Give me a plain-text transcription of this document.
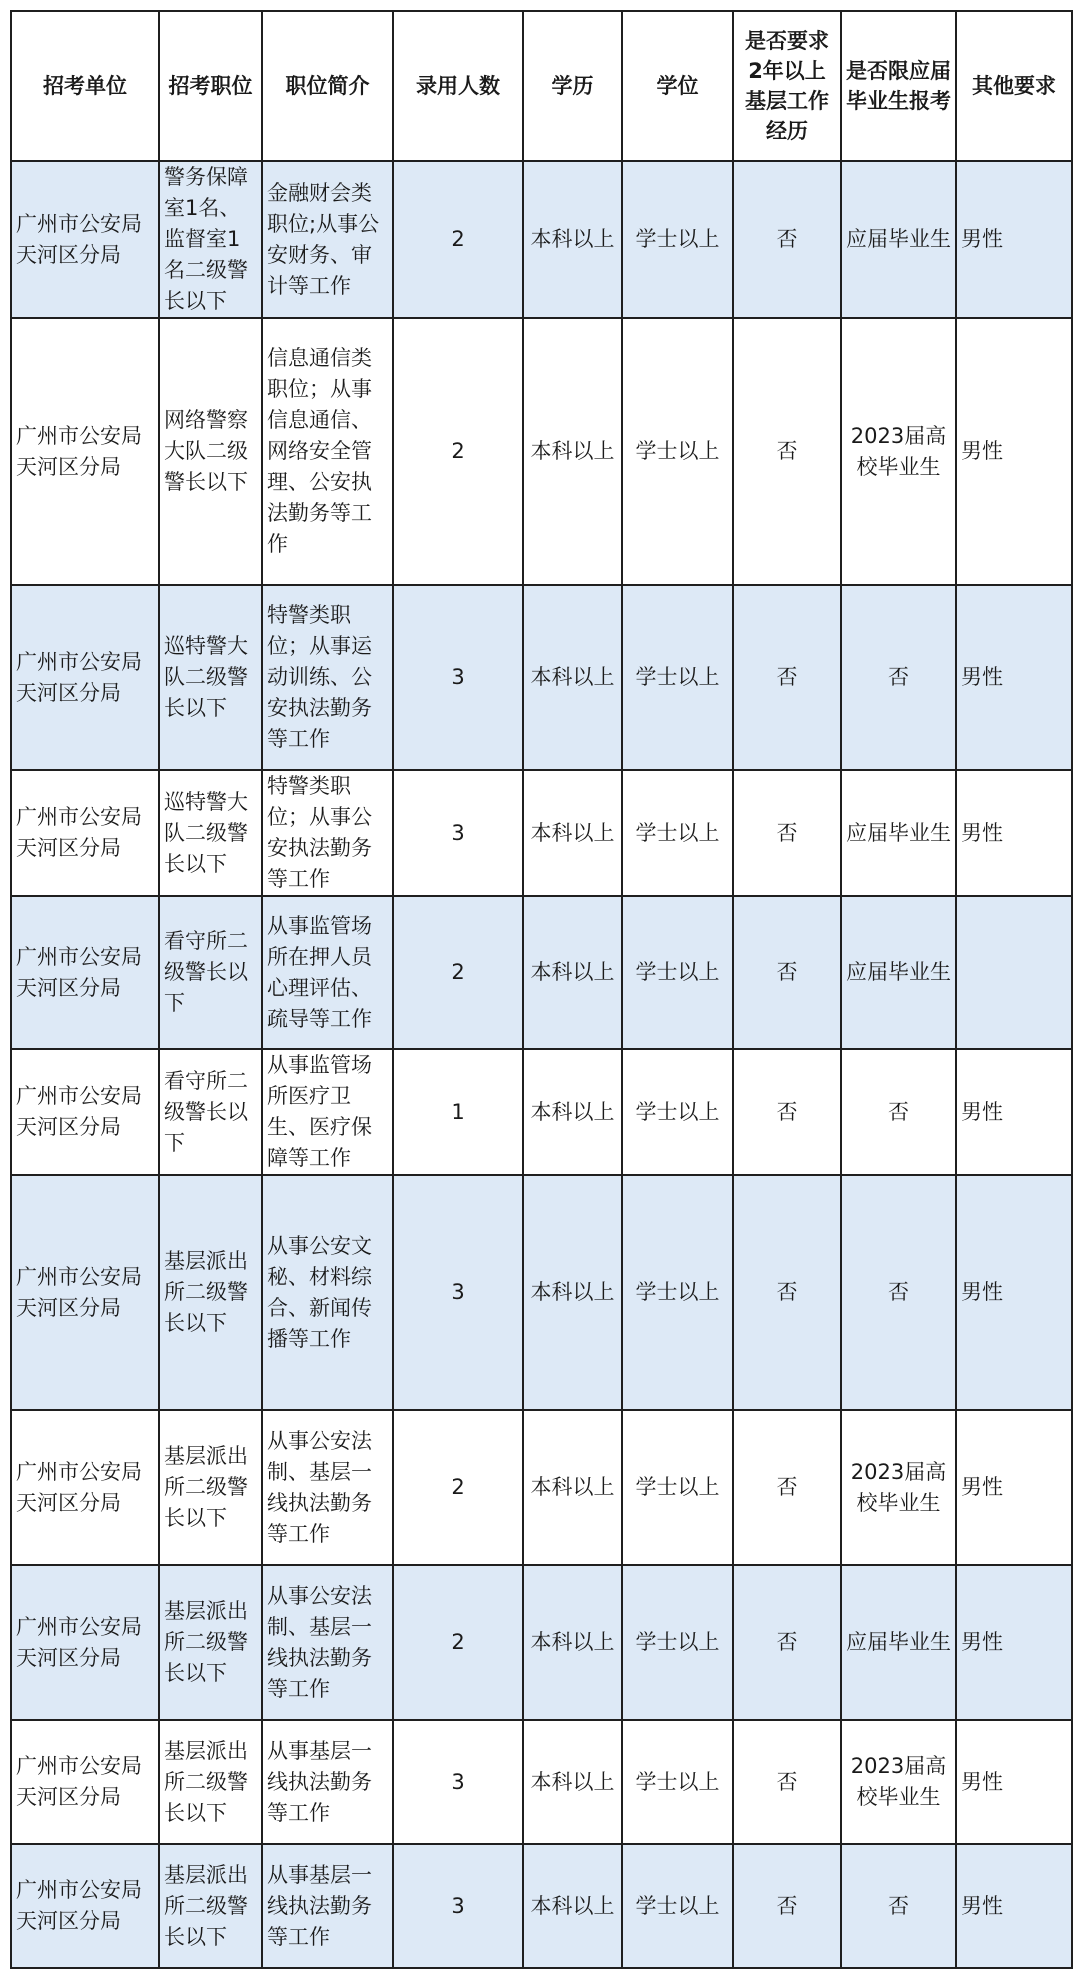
招考单位	招考职位	职位简介	录用人数	学历	学位	是否要求2年以上基层工作经历	是否限应届毕业生报考	其他要求
广州市公安局天河区分局	警务保障室1名、监督室1名二级警长以下	金融财会类职位;从事公安财务、审计等工作	2	本科以上	学士以上	否	应届毕业生	男性
广州市公安局天河区分局	网络警察大队二级警长以下	信息通信类职位；从事信息通信、网络安全管理、公安执法勤务等工作	2	本科以上	学士以上	否	2023届高校毕业生	男性
广州市公安局天河区分局	巡特警大队二级警长以下	特警类职位；从事运动训练、公安执法勤务等工作	3	本科以上	学士以上	否	否	男性
广州市公安局天河区分局	巡特警大队二级警长以下	特警类职位；从事公安执法勤务等工作	3	本科以上	学士以上	否	应届毕业生	男性
广州市公安局天河区分局	看守所二级警长以下	从事监管场所在押人员心理评估、疏导等工作	2	本科以上	学士以上	否	应届毕业生	
广州市公安局天河区分局	看守所二级警长以下	从事监管场所医疗卫生、医疗保障等工作	1	本科以上	学士以上	否	否	男性
广州市公安局天河区分局	基层派出所二级警长以下	从事公安文秘、材料综合、新闻传播等工作	3	本科以上	学士以上	否	否	男性
广州市公安局天河区分局	基层派出所二级警长以下	从事公安法制、基层一线执法勤务等工作	2	本科以上	学士以上	否	2023届高校毕业生	男性
广州市公安局天河区分局	基层派出所二级警长以下	从事公安法制、基层一线执法勤务等工作	2	本科以上	学士以上	否	应届毕业生	男性
广州市公安局天河区分局	基层派出所二级警长以下	从事基层一线执法勤务等工作	3	本科以上	学士以上	否	2023届高校毕业生	男性
广州市公安局天河区分局	基层派出所二级警长以下	从事基层一线执法勤务等工作	3	本科以上	学士以上	否	否	男性
